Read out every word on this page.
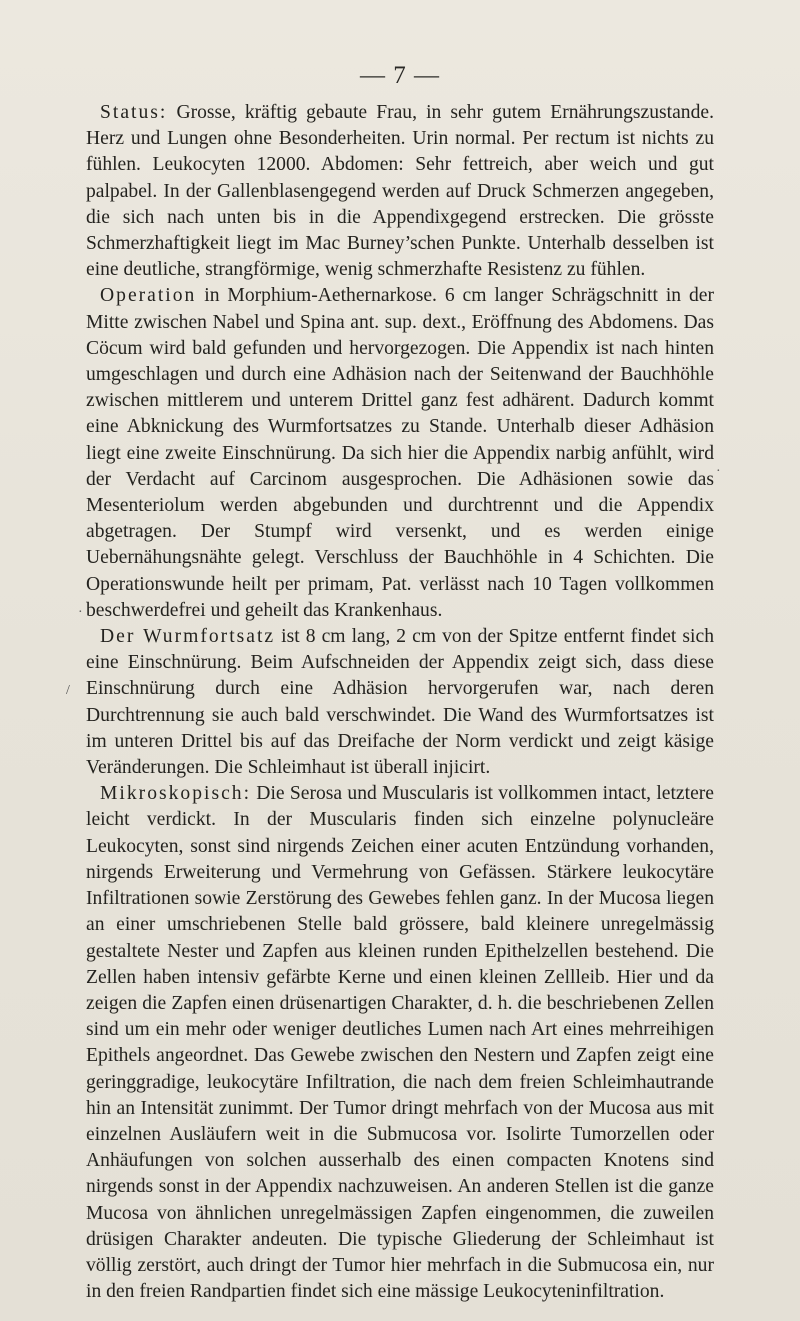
— 7 —

Status: Grosse, kräftig gebaute Frau, in sehr gutem Ernährungszustande. Herz und Lungen ohne Besonderheiten. Urin normal. Per rectum ist nichts zu fühlen. Leukocyten 12000. Abdomen: Sehr fettreich, aber weich und gut palpabel. In der Gallenblasengegend werden auf Druck Schmerzen angegeben, die sich nach unten bis in die Appendixgegend erstrecken. Die grösste Schmerzhaftigkeit liegt im Mac Burney’schen Punkte. Unterhalb desselben ist eine deutliche, strangförmige, wenig schmerzhafte Resistenz zu fühlen.

Operation in Morphium-Aethernarkose. 6 cm langer Schrägschnitt in der Mitte zwischen Nabel und Spina ant. sup. dext., Eröffnung des Abdomens. Das Cöcum wird bald gefunden und hervorgezogen. Die Appendix ist nach hinten umgeschlagen und durch eine Adhäsion nach der Seitenwand der Bauchhöhle zwischen mittlerem und unterem Drittel ganz fest adhärent. Dadurch kommt eine Abknickung des Wurmfortsatzes zu Stande. Unterhalb dieser Adhäsion liegt eine zweite Einschnürung. Da sich hier die Appendix narbig anfühlt, wird der Verdacht auf Carcinom ausgesprochen. Die Adhäsionen sowie das Mesenteriolum werden abgebunden und durchtrennt und die Appendix abgetragen. Der Stumpf wird versenkt, und es werden einige Uebernähungsnähte gelegt. Verschluss der Bauchhöhle in 4 Schichten. Die Operationswunde heilt per primam, Pat. verlässt nach 10 Tagen vollkommen beschwerdefrei und geheilt das Krankenhaus.

Der Wurmfortsatz ist 8 cm lang, 2 cm von der Spitze entfernt findet sich eine Einschnürung. Beim Aufschneiden der Appendix zeigt sich, dass diese Einschnürung durch eine Adhäsion hervorgerufen war, nach deren Durchtrennung sie auch bald verschwindet. Die Wand des Wurmfortsatzes ist im unteren Drittel bis auf das Dreifache der Norm verdickt und zeigt käsige Veränderungen. Die Schleimhaut ist überall injicirt.

Mikroskopisch: Die Serosa und Muscularis ist vollkommen intact, letztere leicht verdickt. In der Muscularis finden sich einzelne polynucleäre Leukocyten, sonst sind nirgends Zeichen einer acuten Entzündung vorhanden, nirgends Erweiterung und Vermehrung von Gefässen. Stärkere leukocytäre Infiltrationen sowie Zerstörung des Gewebes fehlen ganz. In der Mucosa liegen an einer umschriebenen Stelle bald grössere, bald kleinere unregelmässig gestaltete Nester und Zapfen aus kleinen runden Epithelzellen bestehend. Die Zellen haben intensiv gefärbte Kerne und einen kleinen Zellleib. Hier und da zeigen die Zapfen einen drüsenartigen Charakter, d. h. die beschriebenen Zellen sind um ein mehr oder weniger deutliches Lumen nach Art eines mehrreihigen Epithels angeordnet. Das Gewebe zwischen den Nestern und Zapfen zeigt eine geringgradige, leukocytäre Infiltration, die nach dem freien Schleimhautrande hin an Intensität zunimmt. Der Tumor dringt mehrfach von der Mucosa aus mit einzelnen Ausläufern weit in die Submucosa vor. Isolirte Tumorzellen oder Anhäufungen von solchen ausserhalb des einen compacten Knotens sind nirgends sonst in der Appendix nachzuweisen. An anderen Stellen ist die ganze Mucosa von ähnlichen unregelmässigen Zapfen eingenommen, die zuweilen drüsigen Charakter andeuten. Die typische Gliederung der Schleimhaut ist völlig zerstört, auch dringt der Tumor hier mehrfach in die Submucosa ein, nur in den freien Randpartien findet sich eine mässige Leukocyteninfiltration.

·
·
/
